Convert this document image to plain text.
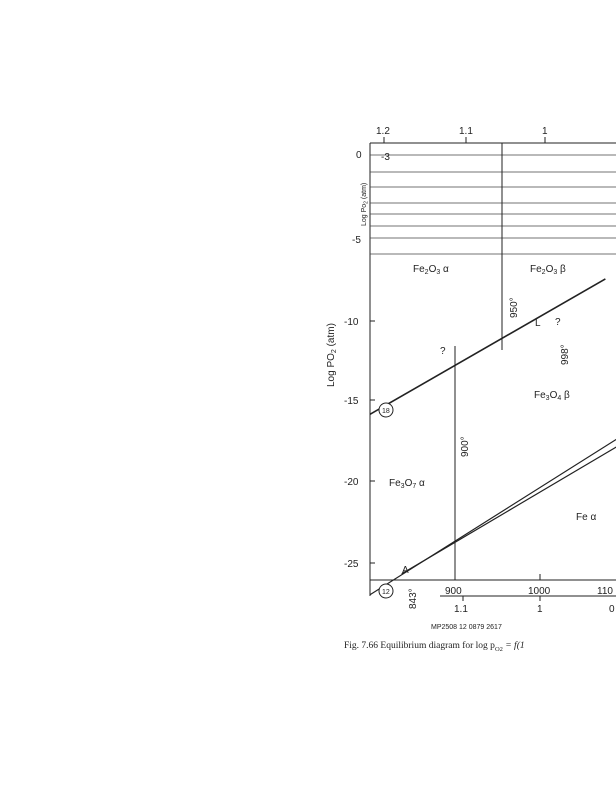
1.2	1.1	1
0 -3
-5
Log $Po_2$ (atm)
-10
-15
-20
-25
Log $PO_2$ (atm)
900	1000	110
1.1	1	0
MP2508 12 0879 2617
$Fe_2O_3$ α	$Fe_2O_3$ β
$Fe_3O_4$ β
$Fe_3O_7$ α
Fe α
950°
998°
900°
843°
L
A
?
?
18
12
Fig. 7.66 Equilibrium diagram for $\log p_{O2} = f(1$
